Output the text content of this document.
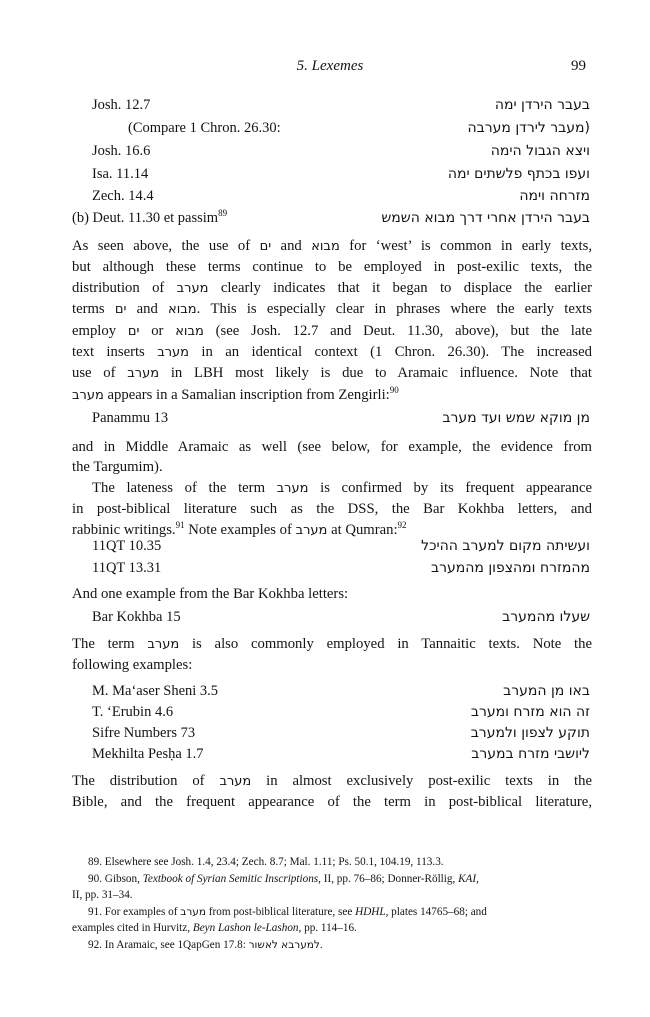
5. Lexemes	99
Josh. 12.7	בעבר הירדן ימה
(Compare 1 Chron. 26.30:	(מעבר לירדן מערבה
Josh. 16.6	ויצא הגבול הימה
Isa. 11.14	ועפו בכתף פלשתים ימה
Zech. 14.4	מזרחה וימה
(b) Deut. 11.30 et passim$^{89}$	בעבר הירדן אחרי דרך מבוא השמש
As seen above, the use of ים and מבוא for ‘west’ is common in early texts,
but although these terms continue to be employed in post-exilic texts, the
distribution of מערב clearly indicates that it began to displace the earlier
terms ים and מבוא. This is especially clear in phrases where the early texts
employ ים or מבוא (see Josh. 12.7 and Deut. 11.30, above), but the late
text inserts מערב in an identical context (1 Chron. 26.30). The increased
use of מערב in LBH most likely is due to Aramaic influence. Note that
מערב appears in a Samalian inscription from Zengirli:$^{90}$
Panammu 13	מן מוקא שמש ועד מערב
and in Middle Aramaic as well (see below, for example, the evidence from
the Targumim).
The lateness of the term מערב is confirmed by its frequent appearance
in post-biblical literature such as the DSS, the Bar Kokhba letters, and
rabbinic writings.$^{91}$ Note examples of מערב at Qumran:$^{92}$
11QT 10.35	ועשיתה מקום למערב ההיכל
11QT 13.31	מהמזרח ומהצפון מהמערב
And one example from the Bar Kokhba letters:
Bar Kokhba 15	שעלו מהמערב
The term מערב is also commonly employed in Tannaitic texts. Note the
following examples:
M. Ma‘aser Sheni 3.5	באו מן המערב
T. ‘Erubin 4.6	זה הוא מזרח ומערב
Sifre Numbers 73	תוקע לצפון ולמערב
Mekhilta Pesḥa 1.7	ליושבי מזרח במערב
The distribution of מערב in almost exclusively post-exilic texts in the
Bible, and the frequent appearance of the term in post-biblical literature,
89. Elsewhere see Josh. 1.4, 23.4; Zech. 8.7; Mal. 1.11; Ps. 50.1, 104.19, 113.3.
90. Gibson, Textbook of Syrian Semitic Inscriptions, II, pp. 76–86; Donner-Röllig, KAI,
II, pp. 31–34.
91. For examples of מערב from post-biblical literature, see HDHL, plates 14765–68; and
examples cited in Hurvitz, Beyn Lashon le-Lashon, pp. 114–16.
92. In Aramaic, see 1QapGen 17.8: למערבא לאשור.
